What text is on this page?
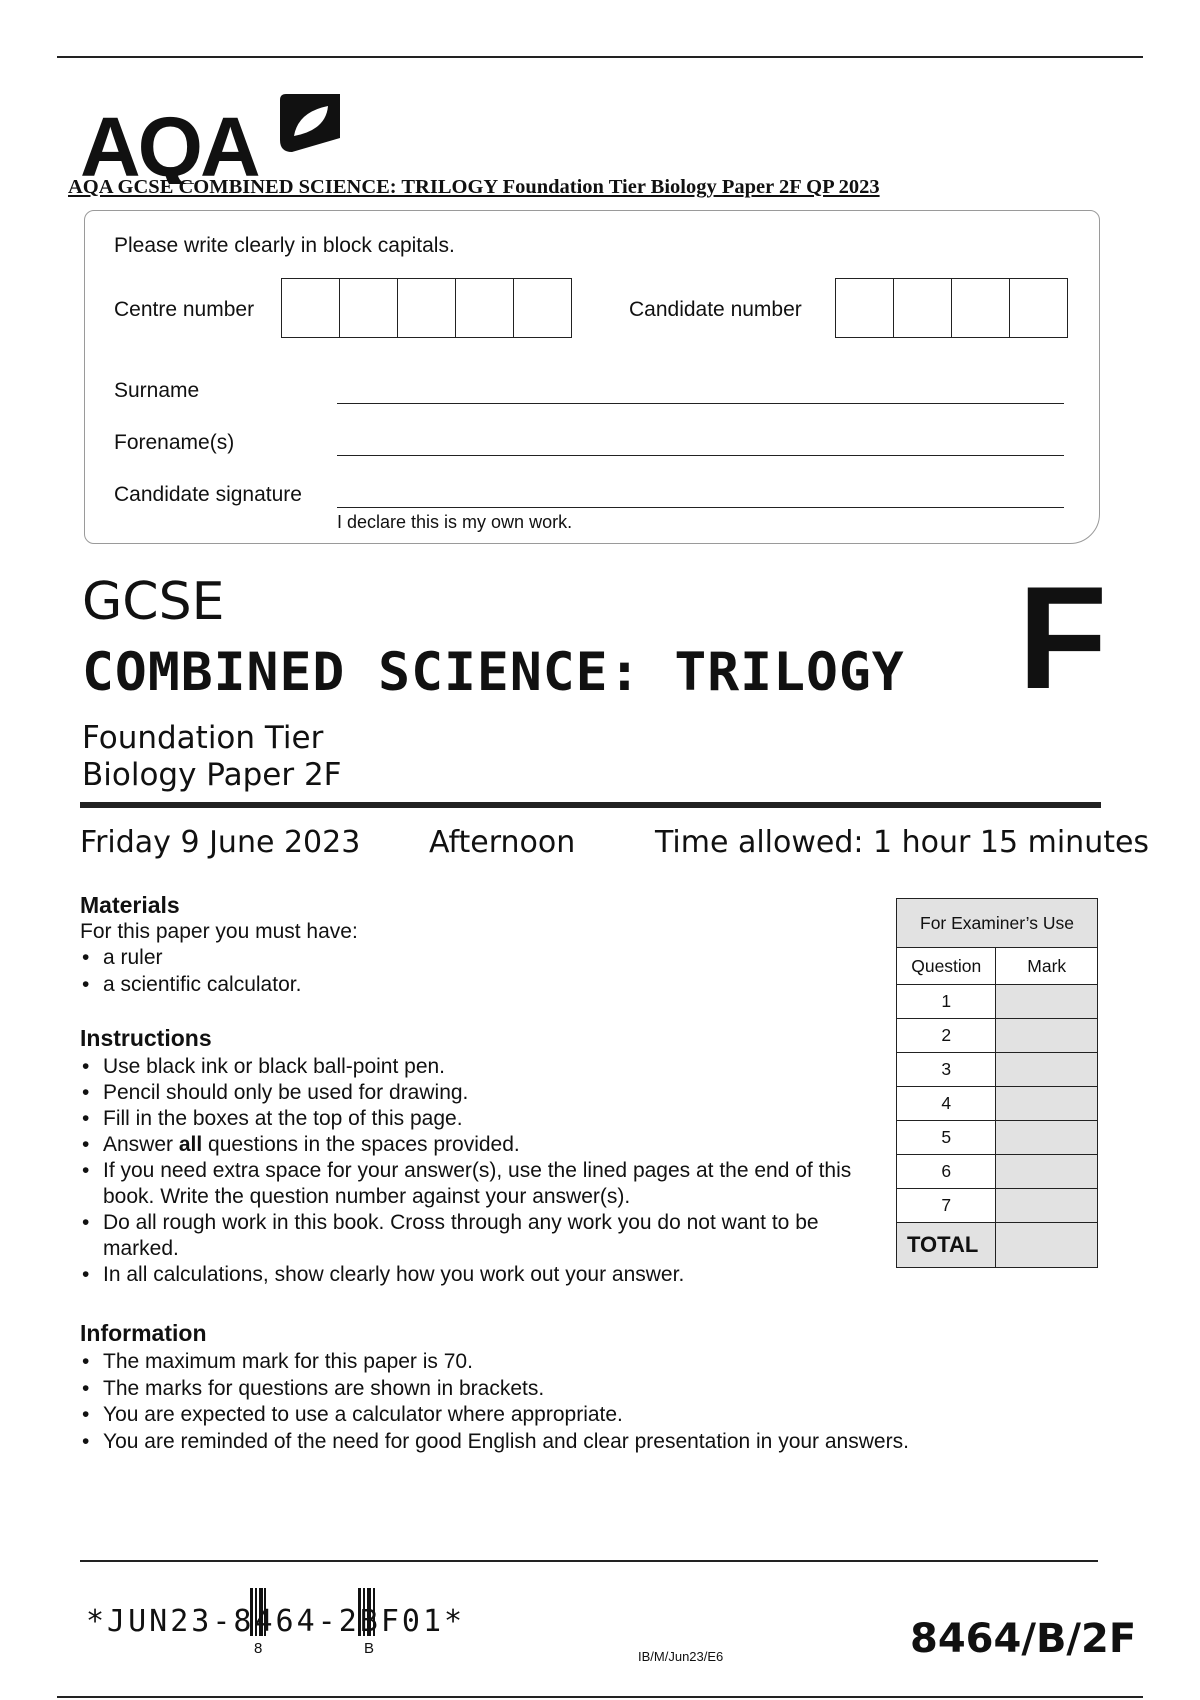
AQA
AQA GCSE COMBINED SCIENCE: TRILOGY Foundation Tier Biology Paper 2F QP 2023
Please write clearly in block capitals.
Centre number	Candidate number
Surname
Forename(s)
Candidate signature
I declare this is my own work.
GCSE
COMBINED SCIENCE: TRILOGY F
Foundation Tier
Biology Paper 2F
Friday 9 June 2023 Afternoon	Time allowed: 1 hour 15 minutes
Materials
For this paper you must have:
• a ruler
• a scientific calculator.
Instructions
• Use black ink or black ball-point pen.
• Pencil should only be used for drawing.
• Fill in the boxes at the top of this page.
• Answer all questions in the spaces provided.
• If you need extra space for your answer(s), use the lined pages at the end of this book. Write the question number against your answer(s).
• Do all rough work in this book. Cross through any work you do not want to be marked.
• In all calculations, show clearly how you work out your answer.
Information
• The maximum mark for this paper is 70.
• The marks for questions are shown in brackets.
• You are expected to use a calculator where appropriate.
• You are reminded of the need for good English and clear presentation in your answers.
For Examiner’s Use	
Question	Mark
1	
2	
3	
4	
5	
6	
7	
TOTAL	
*JUN23-8464-2BF01*
8	B	IB/M/Jun23/E6	8464/B/2F
